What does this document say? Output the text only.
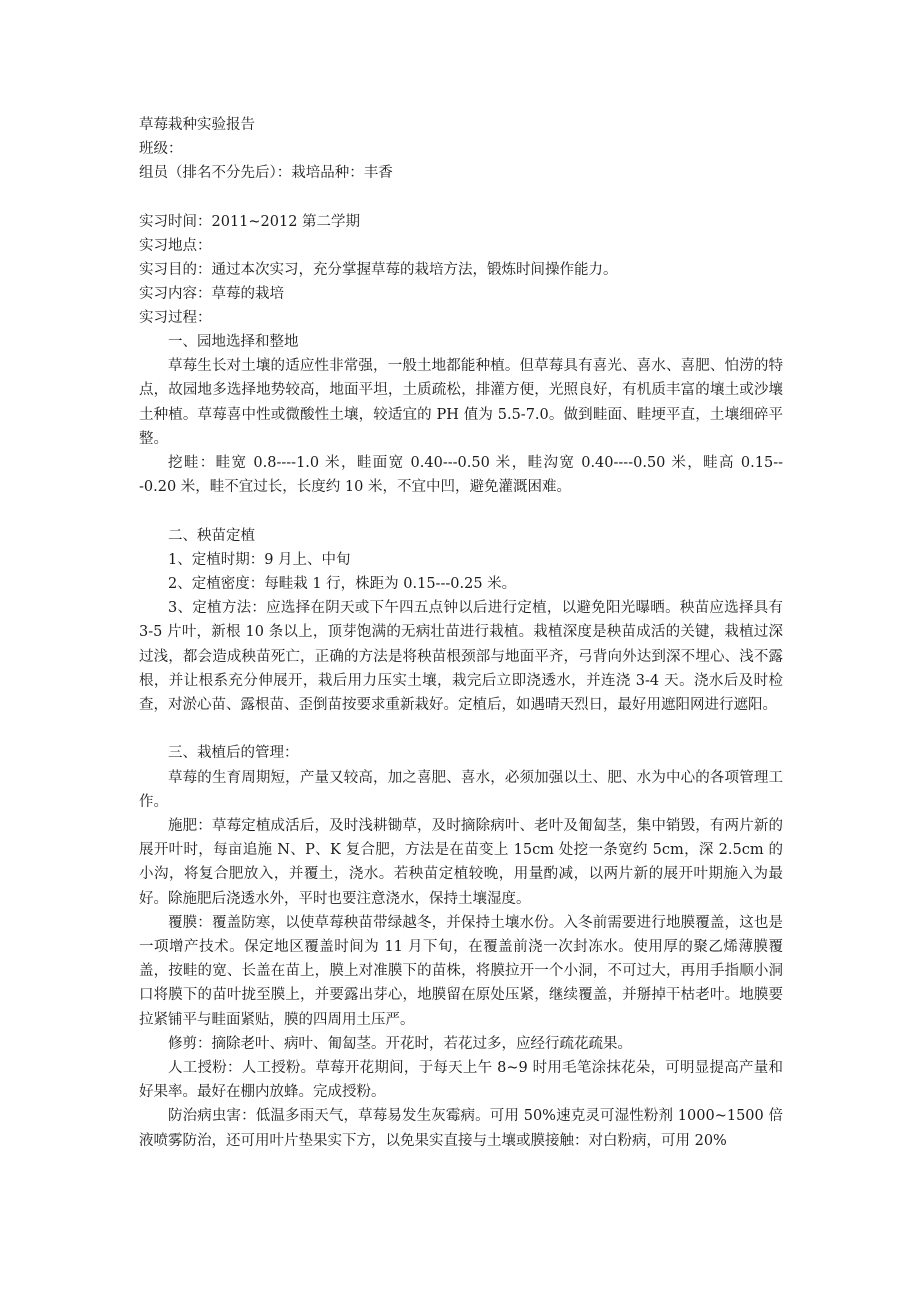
草莓栽种实验报告
班级：
组员（排名不分先后）：栽培品种：丰香
实习时间：2011~2012 第二学期
实习地点：
实习目的：通过本次实习，充分掌握草莓的栽培方法，锻炼时间操作能力。
实习内容：草莓的栽培
实习过程：

一、园地选择和整地

草莓生长对土壤的适应性非常强，一般土地都能种植。但草莓具有喜光、喜水、喜肥、怕涝的特点，故园地多选择地势较高，地面平坦，土质疏松，排灌方便，光照良好，有机质丰富的壤土或沙壤土种植。草莓喜中性或微酸性土壤，较适宜的 PH 值为 5.5-7.0。做到畦面、畦埂平直，土壤细碎平整。

挖畦：畦宽 0.8----1.0 米，畦面宽 0.40---0.50 米，畦沟宽 0.40----0.50 米，畦高 0.15---0.20 米，畦不宜过长，长度约 10 米，不宜中凹，避免灌溉困难。

二、秧苗定植

1、定植时期：9 月上、中旬

2、定植密度：每畦栽 1 行，株距为 0.15---0.25 米。

3、定植方法：应选择在阴天或下午四五点钟以后进行定植，以避免阳光曝晒。秧苗应选择具有 3-5 片叶，新根 10 条以上，顶芽饱满的无病壮苗进行栽植。栽植深度是秧苗成活的关键，栽植过深过浅，都会造成秧苗死亡，正确的方法是将秧苗根颈部与地面平齐，弓背向外达到深不埋心、浅不露根，并让根系充分伸展开，栽后用力压实土壤，栽完后立即浇透水，并连浇 3-4 天。浇水后及时检查，对淤心苗、露根苗、歪倒苗按要求重新栽好。定植后，如遇晴天烈日，最好用遮阳网进行遮阳。

三、栽植后的管理：

草莓的生育周期短，产量又较高，加之喜肥、喜水，必须加强以土、肥、水为中心的各项管理工作。

施肥：草莓定植成活后，及时浅耕锄草，及时摘除病叶、老叶及匍匐茎，集中销毁，有两片新的展开叶时，每亩追施 N、P、K 复合肥，方法是在苗变上 15cm 处挖一条宽约 5cm，深 2.5cm 的小沟，将复合肥放入，并覆土，浇水。若秧苗定植较晚，用量酌减，以两片新的展开叶期施入为最好。除施肥后浇透水外，平时也要注意浇水，保持土壤湿度。

覆膜：覆盖防寒，以使草莓秧苗带绿越冬，并保持土壤水份。入冬前需要进行地膜覆盖，这也是一项增产技术。保定地区覆盖时间为 11 月下旬，在覆盖前浇一次封冻水。使用厚的聚乙烯薄膜覆盖，按畦的宽、长盖在苗上，膜上对准膜下的苗株，将膜拉开一个小洞，不可过大，再用手指顺小洞口将膜下的苗叶拢至膜上，并要露出芽心，地膜留在原处压紧，继续覆盖，并掰掉干枯老叶。地膜要拉紧铺平与畦面紧贴，膜的四周用土压严。

修剪：摘除老叶、病叶、匍匐茎。开花时，若花过多，应经行疏花疏果。

人工授粉：人工授粉。草莓开花期间，于每天上午 8~9 时用毛笔涂抹花朵，可明显提高产量和好果率。最好在棚内放蜂。完成授粉。

防治病虫害：低温多雨天气，草莓易发生灰霉病。可用 50%速克灵可湿性粉剂 1000~1500 倍液喷雾防治，还可用叶片垫果实下方，以免果实直接与土壤或膜接触：对白粉病，可用 20%
